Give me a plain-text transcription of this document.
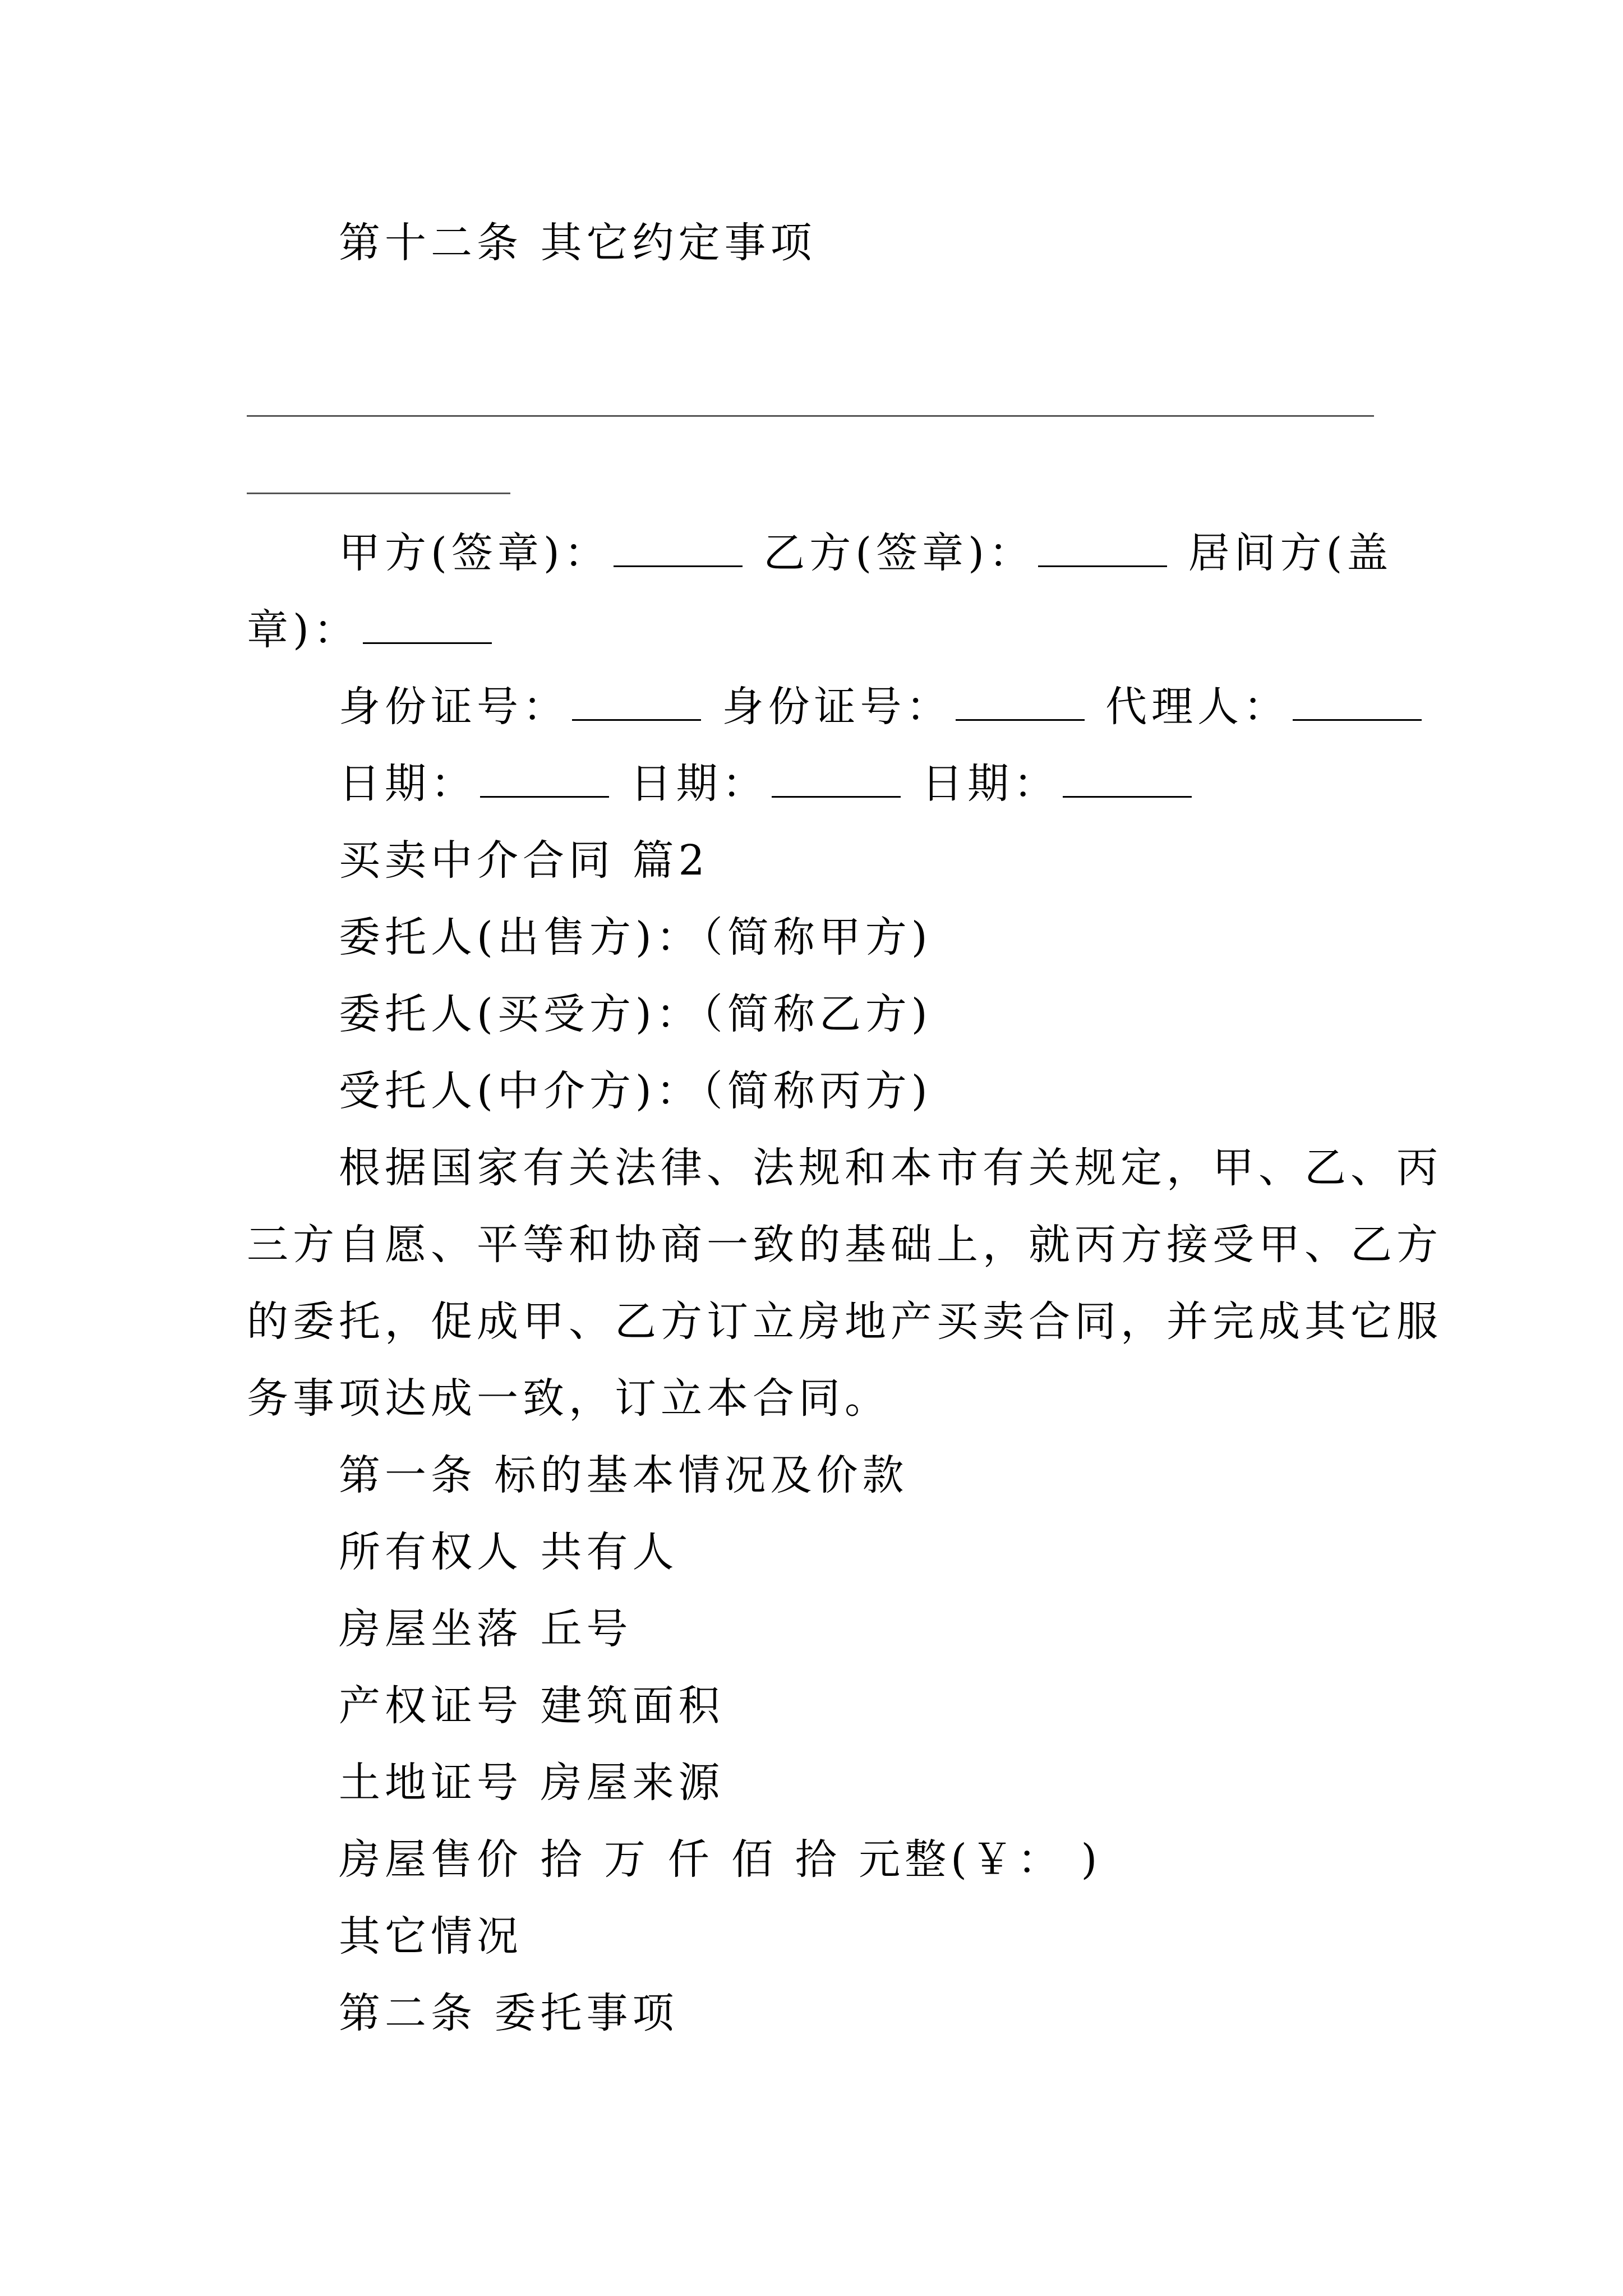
第十二条 其它约定事项
甲方(签章)：	乙方(签章)：	居间方(盖
章)：
身份证号：	身份证号：	代理人：
日期：	日期：	日期：
买卖中介合同 篇2
委托人(出售方)：（简称甲方)
委托人(买受方)：（简称乙方)
受托人(中介方)：（简称丙方)
根据国家有关法律、法规和本市有关规定，甲、乙、丙
三方自愿、平等和协商一致的基础上，就丙方接受甲、乙方
的委托，促成甲、乙方订立房地产买卖合同，并完成其它服
务事项达成一致，订立本合同。
第一条 标的基本情况及价款
所有权人 共有人
房屋坐落 丘号
产权证号 建筑面积
土地证号 房屋来源
房屋售价 拾 万 仟 佰 拾 元整(￥： )
其它情况
第二条 委托事项
